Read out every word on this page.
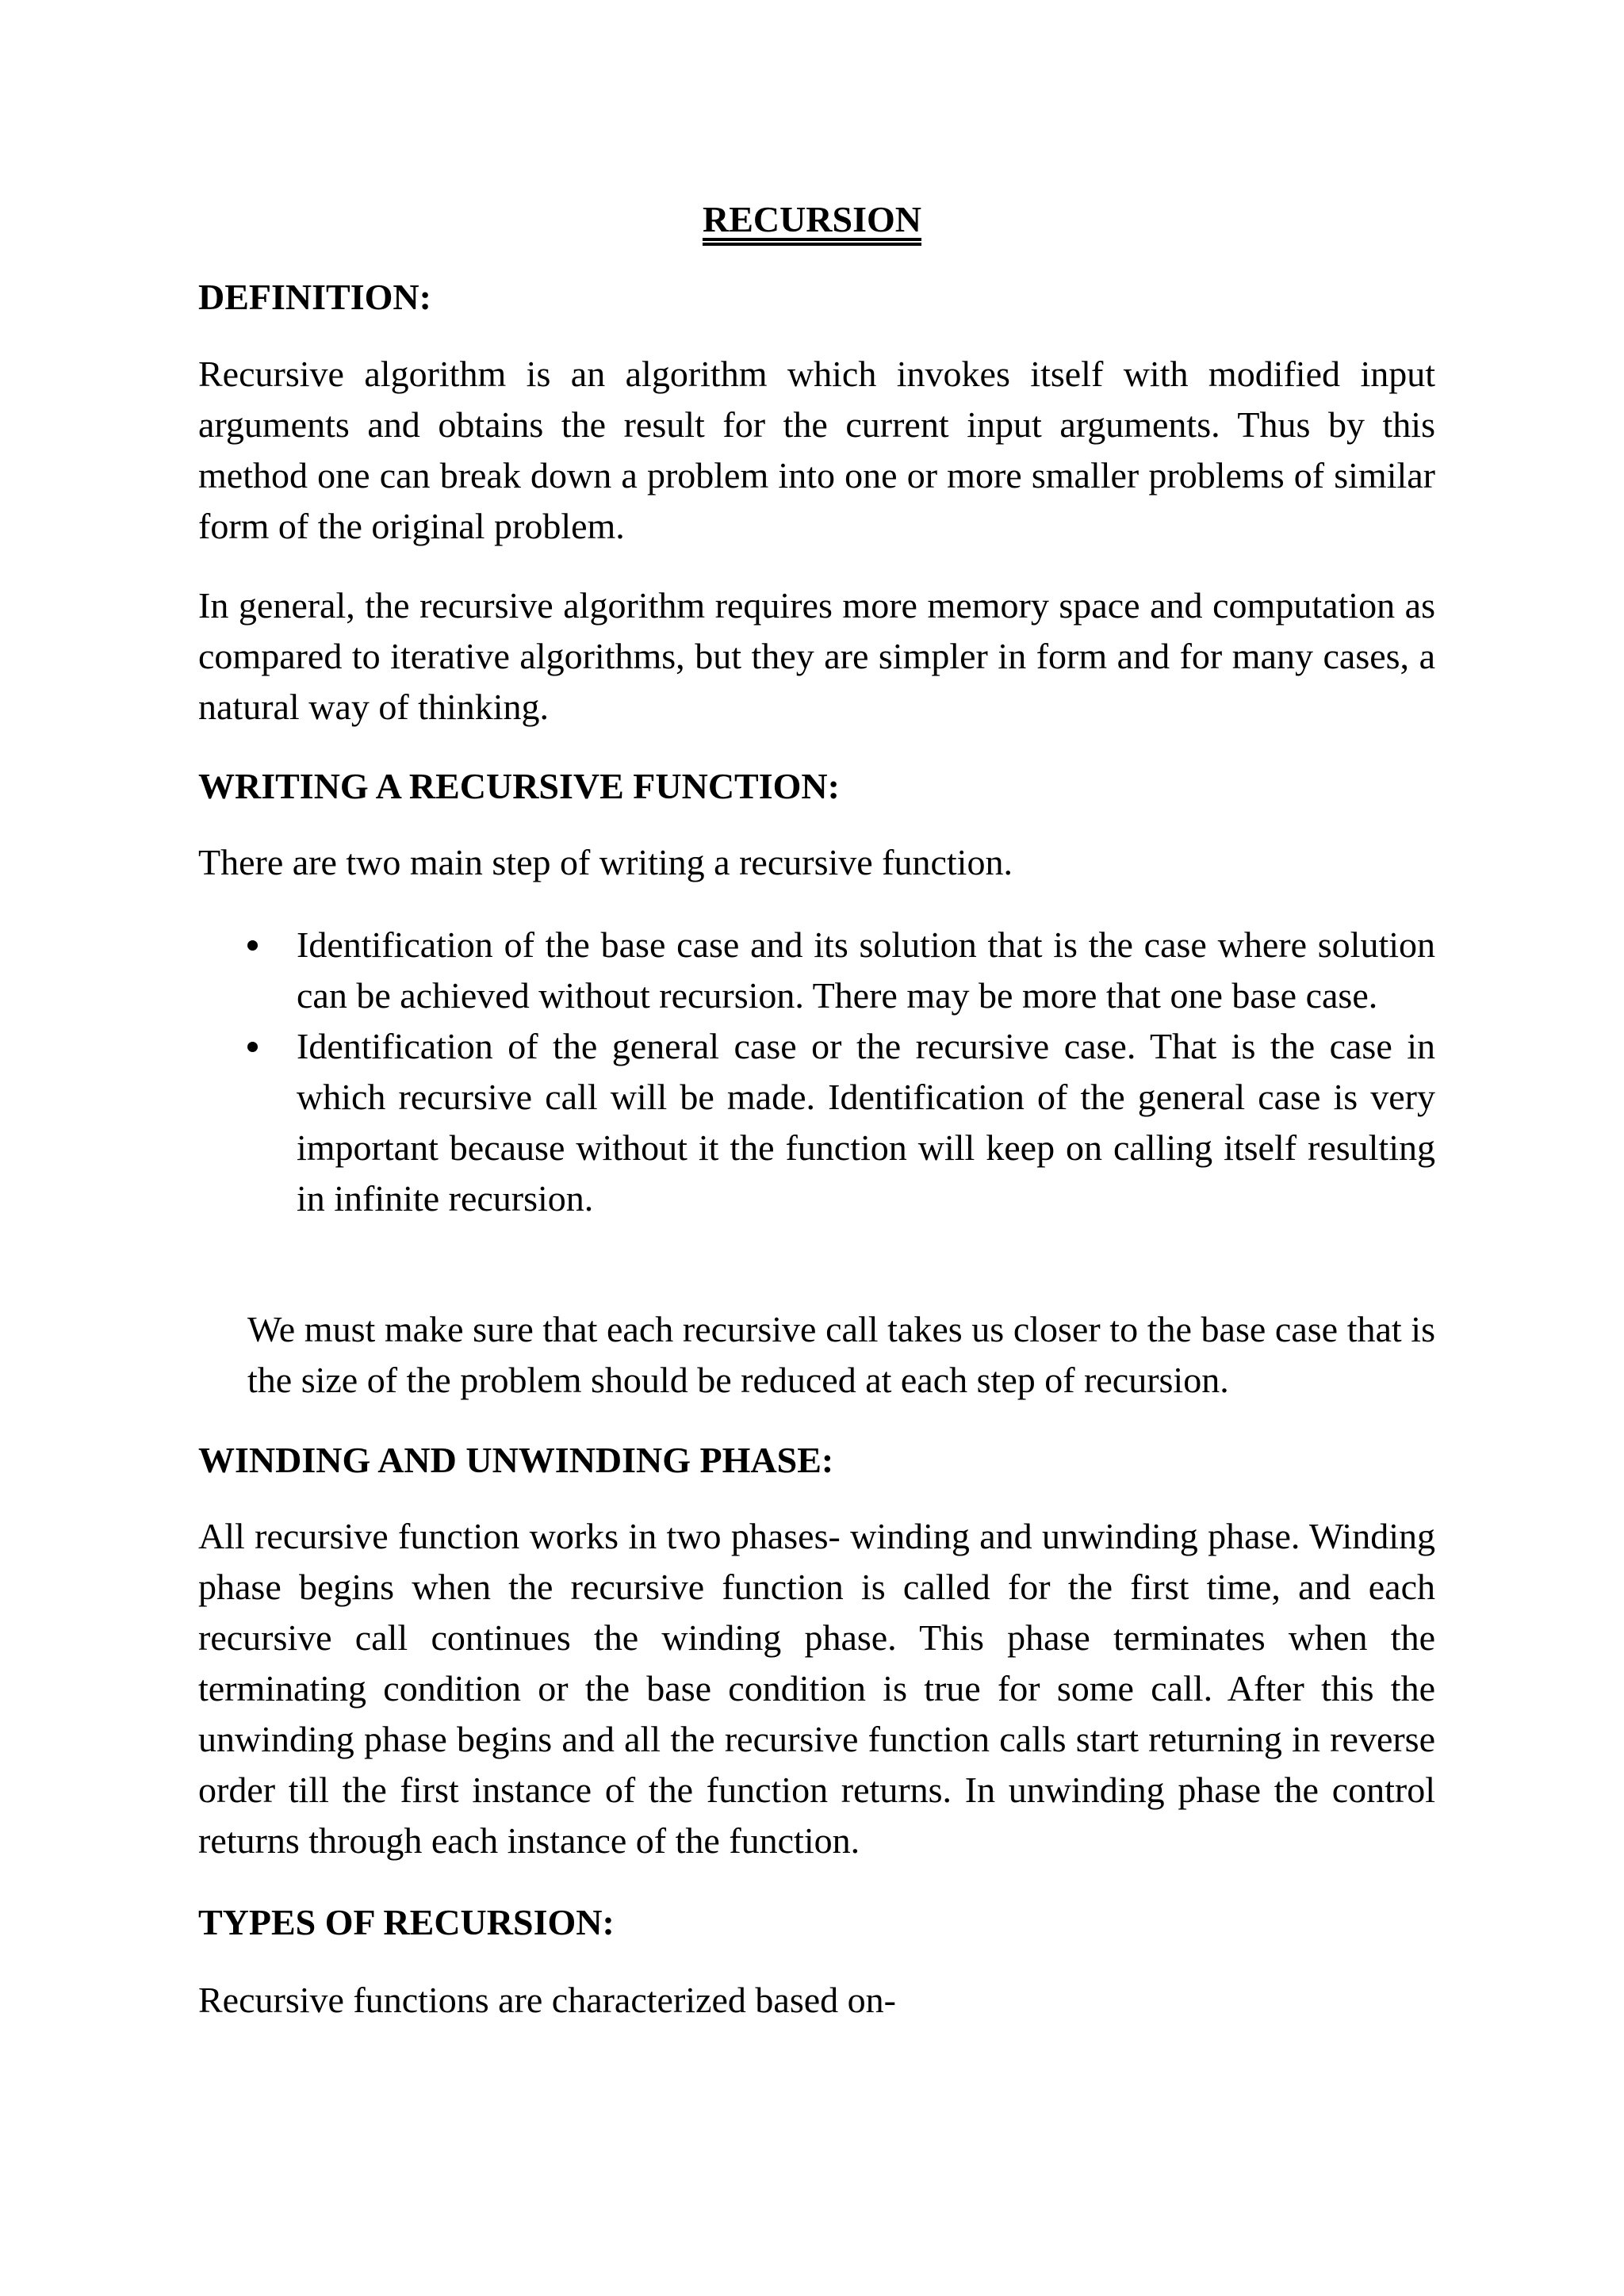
RECURSION
DEFINITION:

Recursive algorithm is an algorithm which invokes itself with modified input arguments and obtains the result for the current input arguments. Thus by this method one can break down a problem into one or more smaller problems of similar form of the original problem.

In general, the recursive algorithm requires more memory space and computation as compared to iterative algorithms, but they are simpler in form and for many cases, a natural way of thinking.

WRITING A RECURSIVE FUNCTION:

There are two main step of writing a recursive function.

Identification of the base case and its solution that is the case where solution can be achieved without recursion. There may be more that one base case.
Identification of the general case or the recursive case. That is the case in which recursive call will be made. Identification of the general case is very important because without it the function will keep on calling itself resulting in infinite recursion.

We must make sure that each recursive call takes us closer to the base case that is the size of the problem should be reduced at each step of recursion.

WINDING AND UNWINDING PHASE:

All recursive function works in two phases- winding and unwinding phase. Winding phase begins when the recursive function is called for the first time, and each recursive call continues the winding phase. This phase terminates when the terminating condition or the base condition is true for some call. After this the unwinding phase begins and all the recursive function calls start returning in reverse order till the first instance of the function returns. In unwinding phase the control returns through each instance of the function.

TYPES OF RECURSION:

Recursive functions are characterized based on-
